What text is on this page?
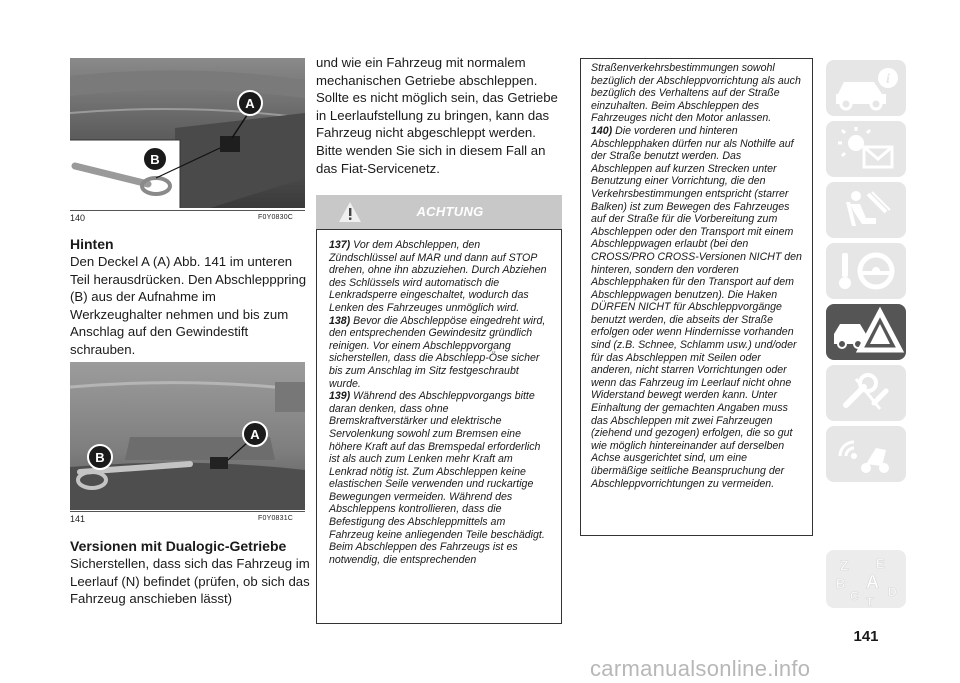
A
B
140	F0Y0830C
Hinten

Den Deckel A (A) Abb. 141 im unteren Teil herausdrücken. Den Abschlepppring (B) aus der Aufnahme im Werkzeughalter nehmen und bis zum Anschlag auf den Gewindestift schrauben.

A
B
141	F0Y0831C
Versionen mit Dualogic-Getriebe

Sicherstellen, dass sich das Fahrzeug im Leerlauf (N) befindet (prüfen, ob sich das Fahrzeug anschieben lässt)

und wie ein Fahrzeug mit normalem mechanischen Getriebe abschleppen. Sollte es nicht möglich sein, das Getriebe in Leerlaufstellung zu bringen, kann das Fahrzeug nicht abgeschleppt werden. Bitte wenden Sie sich in diesem Fall an das Fiat-Servicenetz.

ACHTUNG

137) Vor dem Abschleppen, den Zündschlüssel auf MAR und dann auf STOP drehen, ohne ihn abzuziehen. Durch Abziehen des Schlüssels wird automatisch die Lenkradsperre eingeschaltet, wodurch das Lenken des Fahrzeuges unmöglich wird.

138) Bevor die Abschleppöse eingedreht wird, den entsprechenden Gewindesitz gründlich reinigen. Vor einem Abschleppvorgang sicherstellen, dass die Abschlepp-Öse sicher bis zum Anschlag im Sitz festgeschraubt wurde.

139) Während des Abschleppvorgangs bitte daran denken, dass ohne Bremskraftverstärker und elektrische Servolenkung sowohl zum Bremsen eine höhere Kraft auf das Bremspedal erforderlich ist als auch zum Lenken mehr Kraft am Lenkrad nötig ist. Zum Abschleppen keine elastischen Seile verwenden und ruckartige Bewegungen vermeiden. Während des Abschleppens kontrollieren, dass die Befestigung des Abschleppmittels am Fahrzeug keine anliegenden Teile beschädigt. Beim Abschleppen des Fahrzeugs ist es notwendig, die entsprechenden

Straßenverkehrsbestimmungen sowohl bezüglich der Abschleppvorrichtung als auch bezüglich des Verhaltens auf der Straße einzuhalten. Beim Abschleppen des Fahrzeuges nicht den Motor anlassen.

140) Die vorderen und hinteren Abschlepphaken dürfen nur als Nothilfe auf der Straße benutzt werden. Das Abschleppen auf kurzen Strecken unter Benutzung einer Vorrichtung, die den Verkehrsbestimmungen entspricht (starrer Balken) ist zum Bewegen des Fahrzeuges auf der Straße für die Vorbereitung zum Abschleppen oder den Transport mit einem Abschleppwagen erlaubt (bei den CROSS/PRO CROSS-Versionen NICHT den hinteren, sondern den vorderen Abschlepphaken für den Transport auf dem Abschleppwagen benutzen). Die Haken DÜRFEN NICHT für Abschleppvorgänge benutzt werden, die abseits der Straße erfolgen oder wenn Hindernisse vorhanden sind (z.B. Schnee, Schlamm usw.) und/oder für das Abschleppen mit Seilen oder anderen, nicht starren Vorrichtungen oder wenn das Fahrzeug im Leerlauf nicht ohne Widerstand bewegt werden kann. Unter Einhaltung der gemachten Angaben muss das Abschleppen mit zwei Fahrzeugen (ziehend und gezogen) erfolgen, die so gut wie möglich hintereinander auf derselben Achse ausgerichtet sind, um eine übermäßige seitliche Beanspruchung der Abschleppvorrichtungen zu vermeiden.

i
Z E
B A
C D
T
141
carmanualsonline.info
